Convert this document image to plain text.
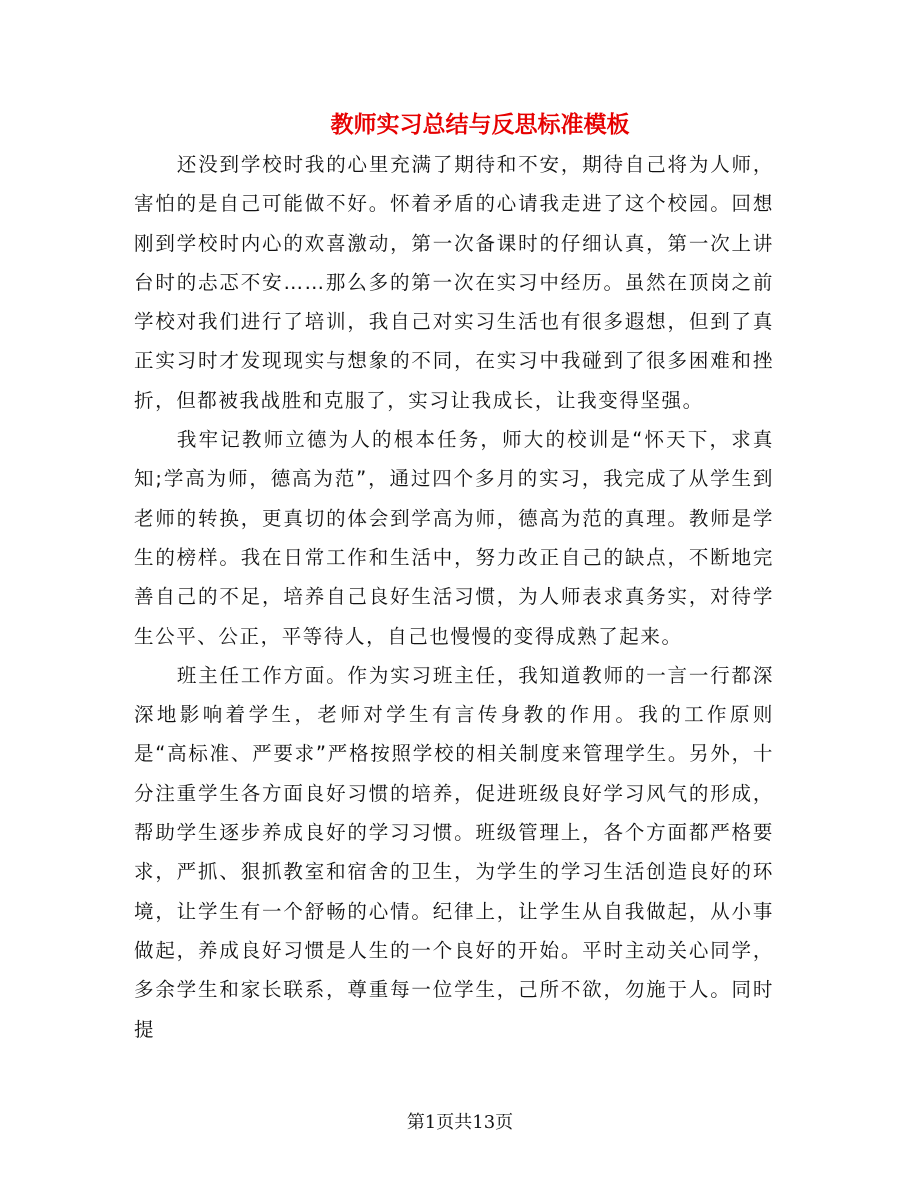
教师实习总结与反思标准模板

还没到学校时我的心里充满了期待和不安，期待自己将为人师，害怕的是自己可能做不好。怀着矛盾的心请我走进了这个校园。回想刚到学校时内心的欢喜激动，第一次备课时的仔细认真，第一次上讲台时的忐忑不安……那么多的第一次在实习中经历。虽然在顶岗之前学校对我们进行了培训，我自己对实习生活也有很多遐想，但到了真正实习时才发现现实与想象的不同，在实习中我碰到了很多困难和挫折，但都被我战胜和克服了，实习让我成长，让我变得坚强。

我牢记教师立德为人的根本任务，师大的校训是“怀天下，求真知;学高为师，德高为范”，通过四个多月的实习，我完成了从学生到老师的转换，更真切的体会到学高为师，德高为范的真理。教师是学生的榜样。我在日常工作和生活中，努力改正自己的缺点，不断地完善自己的不足，培养自己良好生活习惯，为人师表求真务实，对待学生公平、公正，平等待人，自己也慢慢的变得成熟了起来。

班主任工作方面。作为实习班主任，我知道教师的一言一行都深深地影响着学生，老师对学生有言传身教的作用。我的工作原则是“高标准、严要求”严格按照学校的相关制度来管理学生。另外，十分注重学生各方面良好习惯的培养，促进班级良好学习风气的形成，帮助学生逐步养成良好的学习习惯。班级管理上，各个方面都严格要求，严抓、狠抓教室和宿舍的卫生，为学生的学习生活创造良好的环境，让学生有一个舒畅的心情。纪律上，让学生从自我做起，从小事做起，养成良好习惯是人生的一个良好的开始。平时主动关心同学，多余学生和家长联系，尊重每一位学生，己所不欲，勿施于人。同时提

第1页共13页
